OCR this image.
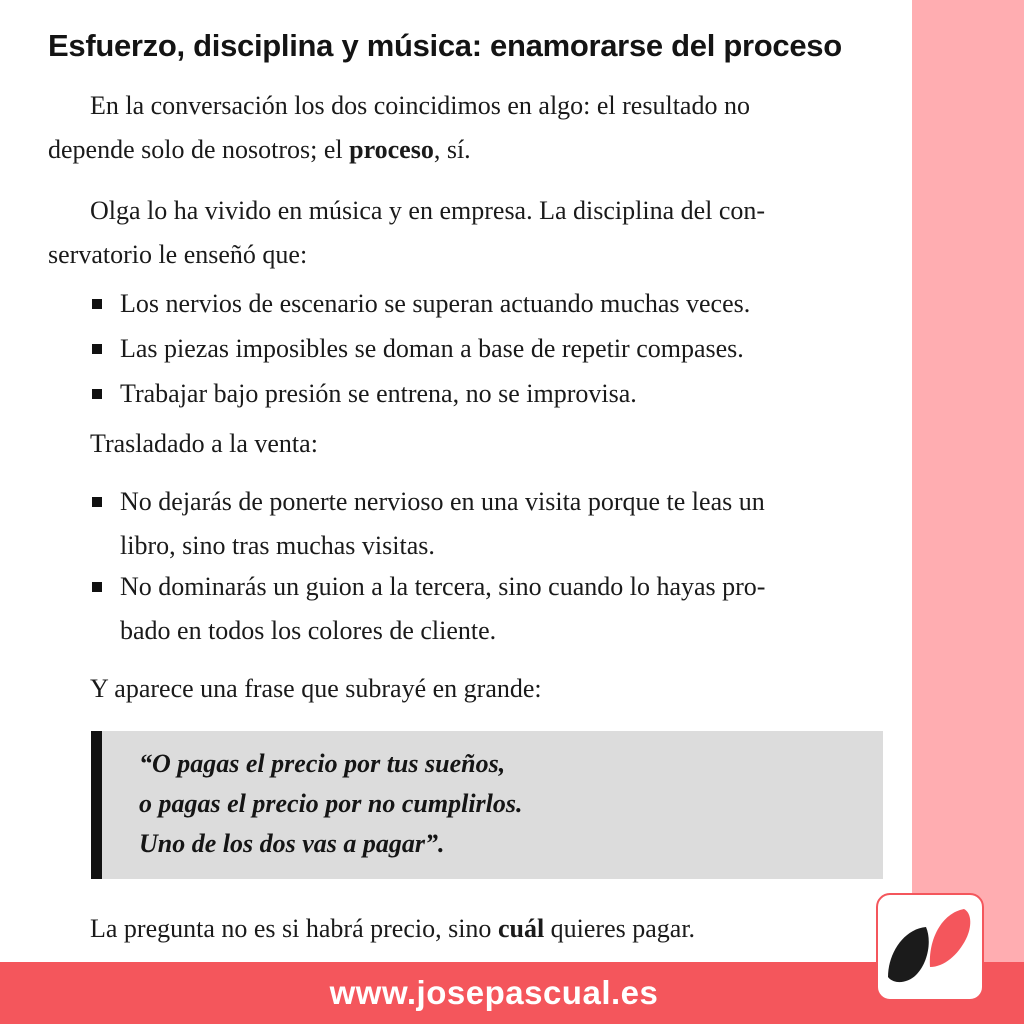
Esfuerzo, disciplina y música: enamorarse del proceso

En la conversación los dos coincidimos en algo: el resultado no

depende solo de nosotros; el proceso, sí.

Olga lo ha vivido en música y en empresa. La disciplina del con-

servatorio le enseñó que:

Los nervios de escenario se superan actuando muchas veces.

Las piezas imposibles se doman a base de repetir compases.

Trabajar bajo presión se entrena, no se improvisa.

Trasladado a la venta:

No dejarás de ponerte nervioso en una visita porque te leas un

libro, sino tras muchas visitas.

No dominarás un guion a la tercera, sino cuando lo hayas pro-

bado en todos los colores de cliente.

Y aparece una frase que subrayé en grande:

“O pagas el precio por tus sueños,

o pagas el precio por no cumplirlos.

Uno de los dos vas a pagar”.

La pregunta no es si habrá precio, sino cuál quieres pagar.

www.josepascual.es
